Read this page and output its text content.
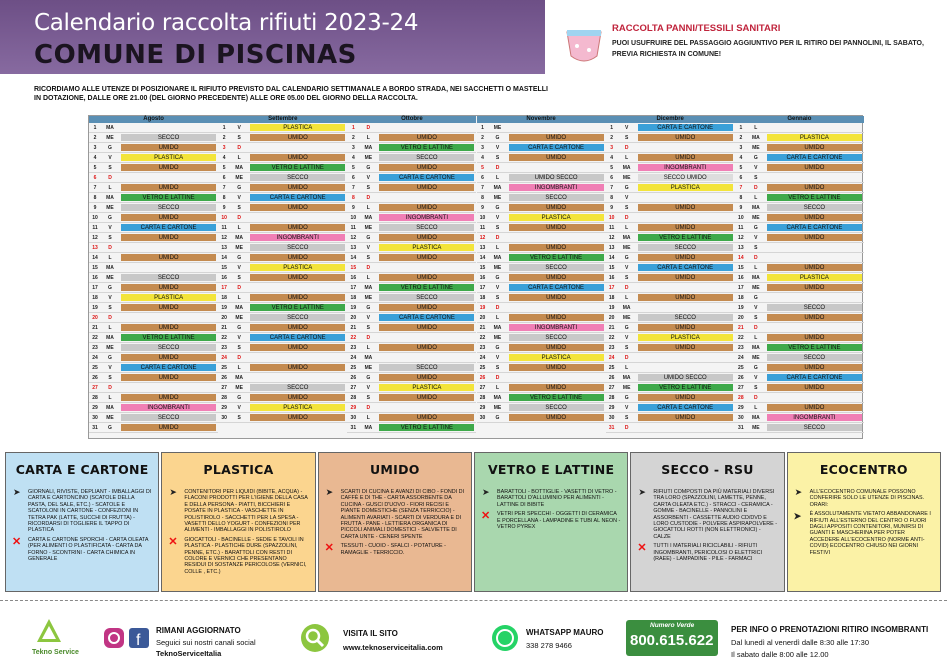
Calendario raccolta rifiuti 2023-24
COMUNE DI PISCINAS
RACCOLTA PANNI/TESSILI SANITARI
PUOI USUFRUIRE DEL PASSAGGIO AGGIUNTIVO PER IL RITIRO DEI PANNOLINI, IL SABATO, PREVIA RICHIESTA IN COMUNE!
RICORDIAMO ALLE UTENZE DI POSIZIONARE IL RIFIUTO PREVISTO DAL CALENDARIO SETTIMANALE A BORDO STRADA, NEI SACCHETTI O MASTELLI IN DOTAZIONE, DALLE ORE 21.00 (DEL GIORNO PRECEDENTE) ALLE ORE 05.00 DEL GIORNO DELLA RACCOLTA.
Agosto
1	MA
2	ME	SECCO
3	G	UMIDO
4	V	PLASTICA
5	S	UMIDO
6	D
7	L	UMIDO
8	MA	VETRO E LATTINE
9	ME	SECCO
10	G	UMIDO
11	V	CARTA E CARTONE
12	S	UMIDO
13	D
14	L	UMIDO
15	MA
16	ME	SECCO
17	G	UMIDO
18	V	PLASTICA
19	S	UMIDO
20	D
21	L	UMIDO
22	MA	VETRO E LATTINE
23	ME	SECCO
24	G	UMIDO
25	V	CARTA E CARTONE
26	S	UMIDO
27	D
28	L	UMIDO
29	MA	INGOMBRANTI
30	ME	SECCO
31	G	UMIDO
Settembre
1	V	PLASTICA
2	S	UMIDO
3	D
4	L	UMIDO
5	MA	VETRO E LATTINE
6	ME	SECCO
7	G	UMIDO
8	V	CARTA E CARTONE
9	S	UMIDO
10	D
11	L	UMIDO
12	MA	INGOMBRANTI
13	ME	SECCO
14	G	UMIDO
15	V	PLASTICA
16	S	UMIDO
17	D
18	L	UMIDO
19	MA	VETRO E LATTINE
20	ME	SECCO
21	G	UMIDO
22	V	CARTA E CARTONE
23	S	UMIDO
24	D
25	L	UMIDO
26	MA
27	ME	SECCO
28	G	UMIDO
29	V	PLASTICA
30	S	UMIDO
Ottobre
1	D
2	L	UMIDO
3	MA	VETRO E LATTINE
4	ME	SECCO
5	G	UMIDO
6	V	CARTA E CARTONE
7	S	UMIDO
8	D
9	L	UMIDO
10	MA	INGOMBRANTI
11	ME	SECCO
12	G	UMIDO
13	V	PLASTICA
14	S	UMIDO
15	D
16	L	UMIDO
17	MA	VETRO E LATTINE
18	ME	SECCO
19	G	UMIDO
20	V	CARTA E CARTONE
21	S	UMIDO
22	D
23	L	UMIDO
24	MA
25	ME	SECCO
26	G	UMIDO
27	V	PLASTICA
28	S	UMIDO
29	D
30	L	UMIDO
31	MA	VETRO E LATTINE
Novembre
1	ME
2	G	UMIDO
3	V	CARTA E CARTONE
4	S	UMIDO
5	D
6	L	UMIDO SECCO
7	MA	INGOMBRANTI
8	ME	SECCO
9	G	UMIDO
10	V	PLASTICA
11	S	UMIDO
12	D
13	L	UMIDO
14	MA	VETRO E LATTINE
15	ME	SECCO
16	G	UMIDO
17	V	CARTA E CARTONE
18	S	UMIDO
19	D
20	L	UMIDO
21	MA	INGOMBRANTI
22	ME	SECCO
23	G	UMIDO
24	V	PLASTICA
25	S	UMIDO
26	D
27	L	UMIDO
28	MA	VETRO E LATTINE
29	ME	SECCO
30	G	UMIDO
Dicembre
1	V	CARTA E CARTONE
2	S	UMIDO
3	D
4	L	UMIDO
5	MA	INGOMBRANTI
6	ME	SECCO UMIDO
7	G	PLASTICA
8	V
9	S	UMIDO
10	D
11	L	UMIDO
12	MA	VETRO E LATTINE
13	ME	SECCO
14	G	UMIDO
15	V	CARTA E CARTONE
16	S	UMIDO
17	D
18	L	UMIDO
19	MA
20	ME	SECCO
21	G	UMIDO
22	V	PLASTICA
23	S	UMIDO
24	D
25	L
26	MA	UMIDO SECCO
27	ME	VETRO E LATTINE
28	G	UMIDO
29	V	CARTA E CARTONE
30	S	UMIDO
31	D
Gennaio
1	L
2	MA	PLASTICA
3	ME	UMIDO
4	G	CARTA E CARTONE
5	V	UMIDO
6	S
7	D	UMIDO
8	L	VETRO E LATTINE
9	MA	SECCO
10	ME	UMIDO
11	G	CARTA E CARTONE
12	V	UMIDO
13	S
14	D
15	L	UMIDO
16	MA	PLASTICA
17	ME	UMIDO
18	G
19	V	SECCO
20	S	UMIDO
21	D
22	L	UMIDO
23	MA	VETRO E LATTINE
24	ME	SECCO
25	G	UMIDO
26	V	CARTA E CARTONE
27	S	UMIDO
28	D
29	L	UMIDO
30	MA	INGOMBRANTI
31	ME	SECCO
CARTA E CARTONE
➤	GIORNALI, RIVISTE, DEPLIANT - IMBALLAGGI DI CARTA E CARTONCINO (SCATOLE DELLA PASTA, DEL SALE, ETC.) - SCATOLE E SCATOLONI IN CARTONE - CONFEZIONI IN TETRA PAK (LATTE, SUCCHI DI FRUTTA) - RICORDARSI DI TOGLIERE IL TAPPO DI PLASTICA
✕ CARTA E CARTONE SPORCHI - CARTA OLEATA (PER ALIMENTI O PLASTIFICATA - CARTA DA FORNO - SCONTRINI - CARTA CHIMICA IN GENERALE
PLASTICA
➤	CONTENITORI PER LIQUIDI (BIBITE, ACQUA) - FLACONI PRODOTTI PER L'IGIENE DELLA CASA E DELLA PERSONA - PIATTI, BICCHIERI E POSATE IN PLASTICA - VASCHETTE IN POLISTIROLO - SACCHETTI PER LA SPESA - VASETTI DELLO YOGURT - CONFEZIONI PER ALIMENTI - IMBALLAGGI IN POLISTIROLO
✕ GIOCATTOLI - BACINELLE - SEDIE E TAVOLI IN PLASTICA - PLASTICHE DURE (SPAZZOLINI, PENNE, ETC.) - BARATTOLI CON RESTI DI COLORE E VERNICI CHE PRESENTANO RESIDUI DI SOSTANZE PERICOLOSE (VERNICI, COLLE , ETC.)
UMIDO
➤	SCARTI DI CUCINA E AVANZI DI CIBO - FONDI DI CAFFÈ E DI THE - CARTA ASSORBENTE DA CUCINA - GUSCI D'UOVO - FIORI RECISI E PIANTE DOMESTICHE (SENZA TERRICCIO) - ALIMENTI AVARIATI - SCARTI DI VERDURA E DI FRUTTA - PANE - LETTIERA ORGANICA DI PICCOLI ANIMALI DOMESTICI - SALVIETTE DI CARTA UNTE - CENERI SPENTE
✕ TESSUTI - CUOIO - SFALCI - POTATURE - RAMAGLIE - TERRICCIO.
VETRO E LATTINE
➤	BARATTOLI - BOTTIGLIE - VASETTI DI VETRO - BARATTOLI D'ALLUMINIO PER ALIMENTI - LATTINE DI BIBITE
✕ VETRI PER SPECCHI - OGGETTI DI CERAMICA E PORCELLANA - LAMPADINE E TUBI AL NEON - VETRO PYREX
SECCO - RSU
➤	RIFIUTI COMPOSTI DA PIÙ MATERIALI DIVERSI TRA LORO (SPAZZOLINI, LAMETTE, PENNE, CARTA OLEATA ETC.) - STRACCI - CERAMICA - GOMME - BACINELLE - PANNOLINI E ASSORBENTI - CASSETTE AUDIO CD/DVD E LORO CUSTODIE - POLVERE ASPIRAPOLVERE - GIOCATTOLI ROTTI (NON ELETTRONICI) - CALZE
✕ TUTTI I MATERIALI RICICLABILI - RIFIUTI INGOMBRANTI, PERICOLOSI O ELETTRICI (RAEE) - LAMPADINE - PILE - FARMACI
ECOCENTRO
➤	ALL'ECOCENTRO COMUNALE POSSONO CONFERIRE SOLO LE UTENZE DI PISCINAS. ORARI:
➤	È ASSOLUTAMENTE VIETATO ABBANDONARE I RIFIUTI ALL'ESTERNO DEL CENTRO O FUORI DAGLI APPOSITI CONTENITORI, MUNIRSI DI GUANTI E MASCHERINA PER POTER ACCEDERE ALL'ECOCENTRO (NORME ANTI-COVID) ECOCENTRO CHIUSO NEI GIORNI FESTIVI
Tekno Service
f
RIMANI AGGIORNATO
Seguici sui nostri canali social
TeknoServiceItalia
VISITA IL SITO
www.teknoserviceitalia.com
WHATSAPP MAURO
338 278 9466
Numero Verde
800.615.622
PER INFO O PRENOTAZIONI RITIRO INGOMBRANTI
Dal lunedì al venerdì dalle 8:30 alle 17:30
Il sabato dalle 8:00 alle 12.00
